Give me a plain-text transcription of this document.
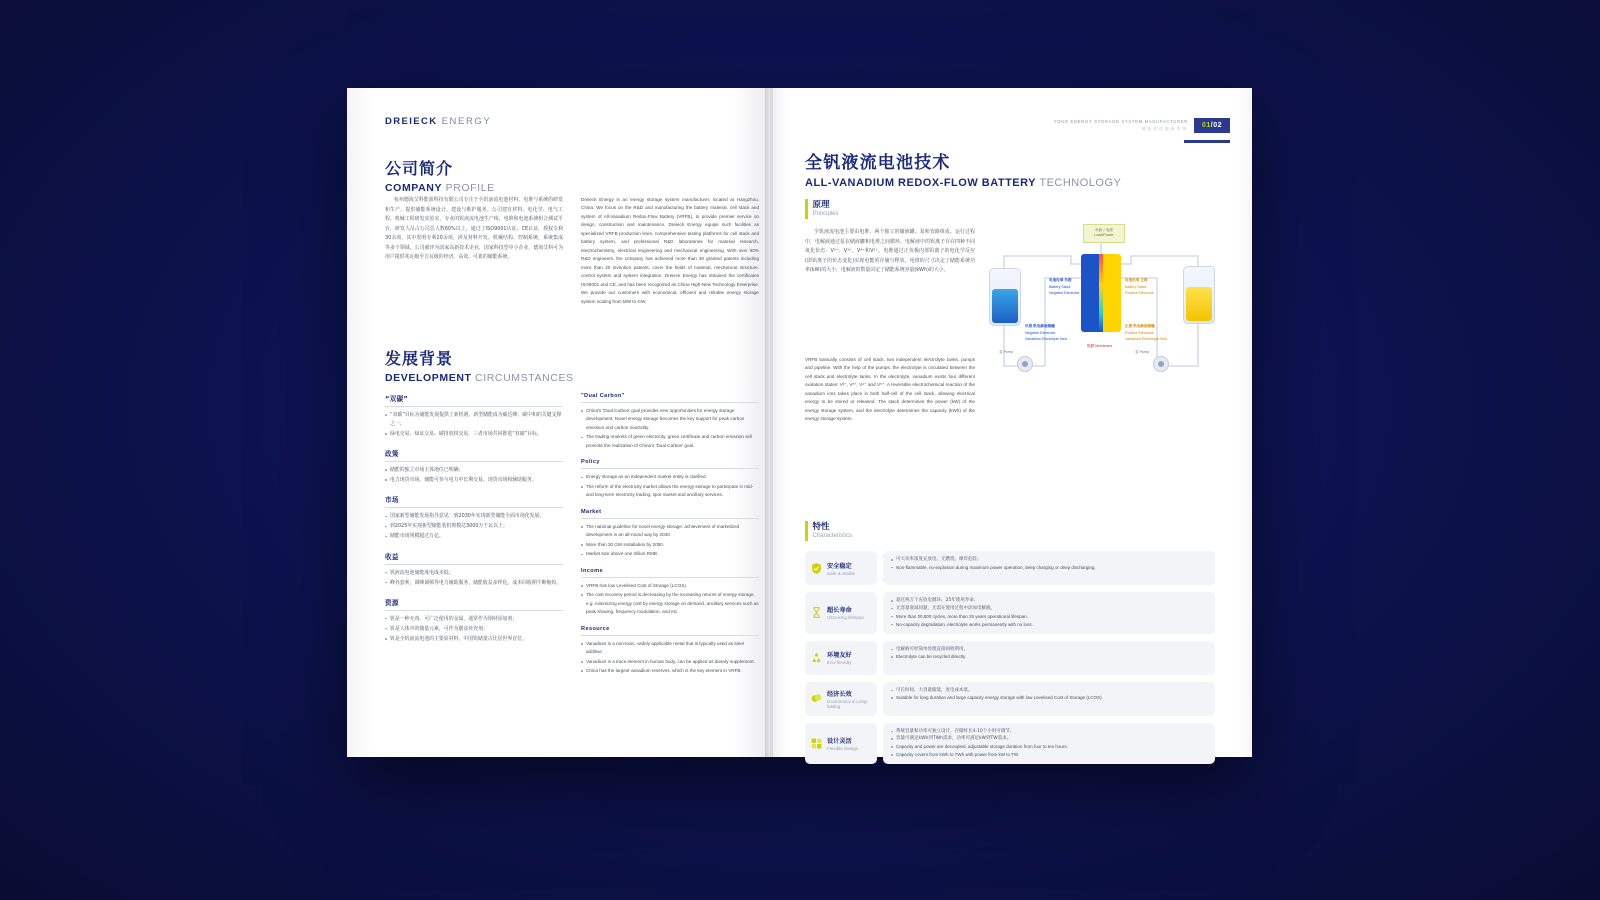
DREIECK ENERGY
公司简介
COMPANY PROFILE
杭州德海艾科能源科技有限公司专注于全钒液流电池材料、电堆与系统的研发和生产，提供储能系统设计、建设与维护服务。公司建有材料、电化学、电气工程、机械工程研发实验室，专业的钒液流电池生产线、电堆和电池系统组合测试平台，研发人员占公司总人数60%以上，通过了ISO9001认证、CE认证，授权专利30余项，其中发明专利20余项，涉及材料开发、机械结构、控制系统、系统集成等多个领域。公司被评为国家高新技术企业，国家科技型中小企业，德海艾科可为用户提供兆瓦级至吉瓦级的经济、高效、可靠的储能系统。
Dreieck Energy is an energy storage system manufacturer, located at Hangzhou, China. We focus on the R&D and manufacturing the battery material, cell stack and system of All-Vanadium Redox-Flow Battery (VRFB), to provide premier service on design, construction and maintenance. Dreieck Energy equips such facilities as specialized VRFB production lines, comprehensive testing platforms for cell stack and battery system, and professional R&D laboratories for material research, electrochemistry, electrical engineering and mechanical engineering. With over 60% R&D engineers, the company has achieved more than 30 granted patents including more than 20 invention patents, cover the fields of material, mechanical structure, control system and system integration. Dreieck Energy has obtained the certificates ISO9001 and CE, and has been recognized as China High-New Technology Enterprise. We provide our customers with economical, efficient and reliable energy storage system scaling from MW to GW.
发展背景
DEVELOPMENT CIRCUMSTANCES
“双碳”
“双碳”目标为储能发展提供了新机遇，新型储能成为碳达峰、碳中和的关键支撑之一；
绿电交易、绿证交易、碳排放权交易，三者市场共同推进“双碳”目标。
政策
储能的独立市场主体地位已明确；
电力现货市场、储能可参与电力中长期交易、现货市场和辅助服务。
市场
国家新型储能发展指导意见：到2030年实现新型储能全面市场化发展；
到2025年实现新型储能装机规模达3000万千瓦以上；
储能市场规模超过万亿。
收益
钒液流电池储能度电成本低；
峰谷套利，调峰调频等电力辅助服务，储能收益多样化，成本回收期不断缩短。
资源
钒是一种无毒、可广泛使用的金属，通常作为钢材添加剂；
钒是人体中的微量元素，可作为膳食补充剂；
钒是全钒液流电池的主要原材料，中国钒储量占比居世界首位。
"Dual Carbon"
China's 'Dual Carbon' goal provides new opportunities for energy storage development. Novel energy storage becomes the key support for peak carbon emission and carbon neutrality.
The trading markets of green electricity, green certificate and carbon emission will promote the realization of China's 'Dual Carbon' goal.
Policy
Energy storage as an independent market entity is clarified.
The reform of the electricity market allows the energy storage to participate in mid-and long-term electricity trading, spot market and ancillary services.
Market
The national guideline for novel energy storage: achievement of marketized development in an all-round way by 2030.
More than 30 GW installation by 2050.
Market size above one trillion RMB.
Income
VRFB has low Levelised Cost of Storage (LCOS).
The cost recovery period is decreasing by the increasing returns of energy storage, e.g. minimizing energy cost by energy storage on demand, ancillary services such as peak shaving, frequency modulation, and etc.
Resource
Vanadium is a non-toxic, widely applicable metal that is typically used as steel additive.
Vanadium is a trace element in human body, can be applied as dietary supplement.
China has the largest vanadium reserves, which is the key element in VRFB.
YOUR ENERGY STORAGE SYSTEM MANUFACTURER
储能组技能源系统	01/02
全钒液流电池技术
ALL-VANADIUM REDOX-FLOW BATTERY TECHNOLOGY
原理
Principles
全钒液流电池主要由电堆、两个独立的储液罐、泵和管路组成。运行过程中，电解液通过泵在储液罐和电堆之间循环。电解液中的钒离子存在四种不同氧化价态：V²⁺、V³⁺、V⁴⁺和V⁵⁺。电堆通过正负极内部钒离子的电化学反应(即钒离子的价态变化)实现电能的存储与释放。电堆的尺寸决定了储能系统功率(kW)的大小，电解液的数量决定了储能系统容量(kWh)的大小。
VRFB basically consists of cell stack, two independent electrolyte tanks, pumps and pipeline. With the help of the pumps, the electrolyte is circulated between the cell stack and electrolyte tanks. In the electrolyte, vanadium exists four different oxidation states: V²⁺, V³⁺, V⁴⁺ and V⁵⁺. A reversible electrochemical reaction of the vanadium ions takes place in both half-cell of the cell stack, allowing electrical energy to be stored or released. The stack determines the power (kW) of the energy storage system, and the electrolyte determines the capacity (kWh) of the energy storage system.
负载 / 电源
Load/Power
电池电堆 负极
Battery Stack
Negative Electrode
电池电堆 正极
Battery Stack
Positive Electrode
负极 钒电解液储罐
Negative Electrode
Vanadium Electrolyte Tank
正极 钒电解液储罐
Positive Electrode
Vanadium Electrolyte Tank
泵 Pump	泵 Pump
隔膜 Membrane
特性
Characteristics
安全稳定
Safe & Stable
可大功率深度充放电，无燃烧、爆炸危险。
Non-flammable, no-explosion during maximum power operation, deep charging or deep discharging.
超长寿命
Ultra-long lifespan
超过两万个充放电循环、25年使用寿命；
无容量衰减问题，无需在使用过程中添加电解液。
More than 20,000 cycles, more than 25 years operational lifespan.
No-capacity degradation, electrolyte works permanently with no loss.
环境友好
Eco-friendly
电解液可经简单处理直接回收利用。
Electrolyte can be recycled directly.
经济长效
Economical & Long-lasting
可长时间、大容量储能，度电成本低。
Suitable for long duration and large capacity energy storage with low Levelised Cost of Storage (LCOS).
设计灵活
Flexible Design
系统容量和功率可独立设计，存储时长4-10个小时可调节；
容量可满足kWh到TWh需求，功率可满足kW到TW需求。
Capacity and power are decoupled, adjustable storage duration from four to ten hours.
Capacity covers from kWh to TWh with power from kW to TW.
